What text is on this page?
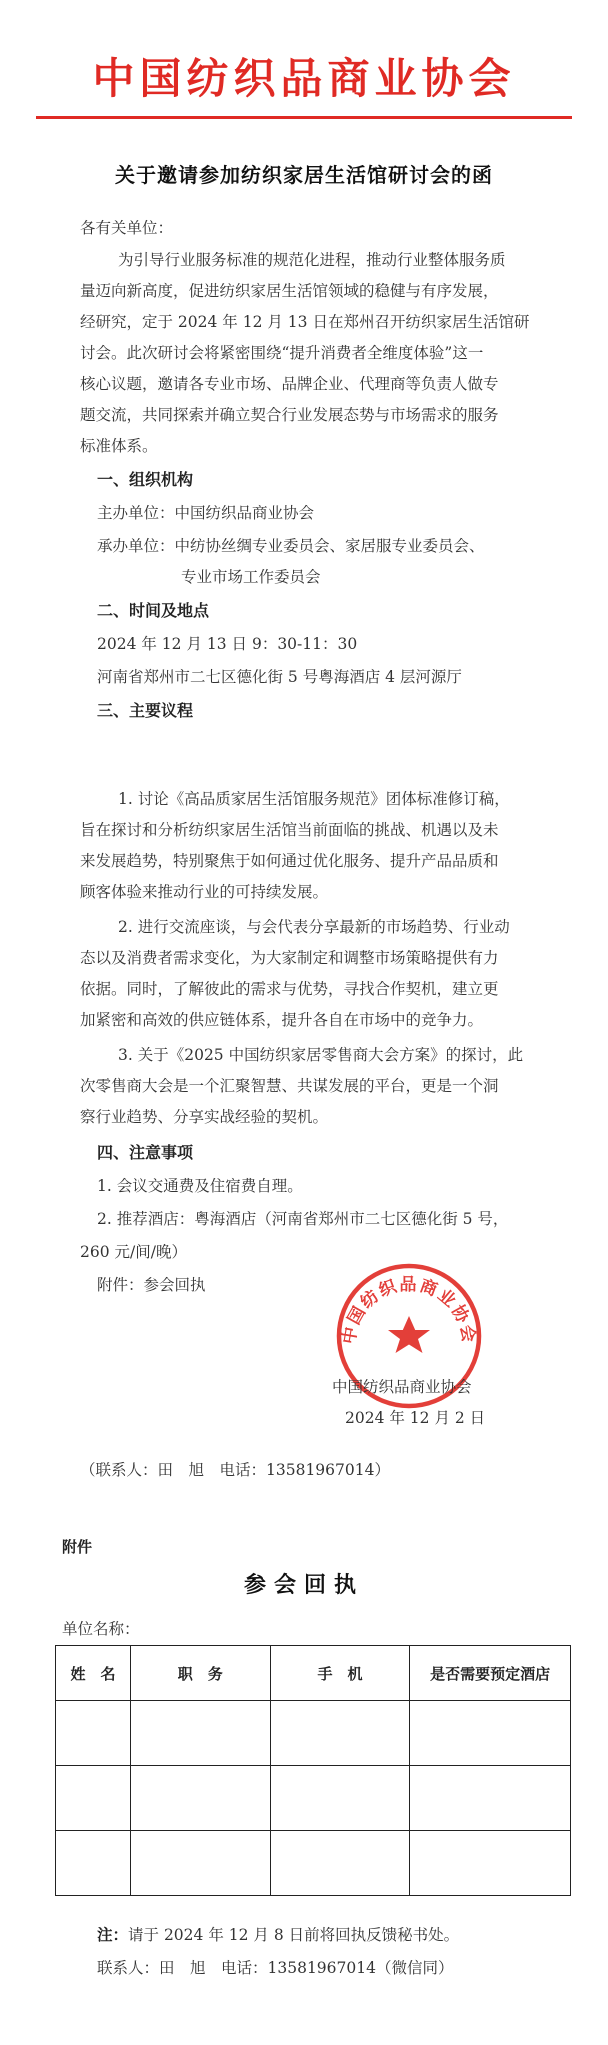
中国纺织品商业协会
关于邀请参加纺织家居生活馆研讨会的函
各有关单位：
为引导行业服务标准的规范化进程，推动行业整体服务质
量迈向新高度，促进纺织家居生活馆领域的稳健与有序发展，
经研究，定于 2024 年 12 月 13 日在郑州召开纺织家居生活馆研
讨会。此次研讨会将紧密围绕“提升消费者全维度体验”这一
核心议题，邀请各专业市场、品牌企业、代理商等负责人做专
题交流，共同探索并确立契合行业发展态势与市场需求的服务
标准体系。
一、组织机构
主办单位：中国纺织品商业协会
承办单位：中纺协丝绸专业委员会、家居服专业委员会、
专业市场工作委员会
二、时间及地点
2024 年 12 月 13 日 9：30-11：30
河南省郑州市二七区德化街 5 号粤海酒店 4 层河源厅
三、主要议程
1. 讨论《高品质家居生活馆服务规范》团体标准修订稿，
旨在探讨和分析纺织家居生活馆当前面临的挑战、机遇以及未
来发展趋势，特别聚焦于如何通过优化服务、提升产品品质和
顾客体验来推动行业的可持续发展。
2. 进行交流座谈，与会代表分享最新的市场趋势、行业动
态以及消费者需求变化，为大家制定和调整市场策略提供有力
依据。同时，了解彼此的需求与优势，寻找合作契机，建立更
加紧密和高效的供应链体系，提升各自在市场中的竞争力。
3. 关于《2025 中国纺织家居零售商大会方案》的探讨，此
次零售商大会是一个汇聚智慧、共谋发展的平台，更是一个洞
察行业趋势、分享实战经验的契机。
四、注意事项
1. 会议交通费及住宿费自理。
2. 推荐酒店：粤海酒店（河南省郑州市二七区德化街 5 号，
260 元/间/晚）
附件：参会回执
中国纺织品商业协会
中国纺织品商业协会
2024 年 12 月 2 日
（联系人：田　旭　电话：13581967014）
附件
参会回执
单位名称：
姓　名	职　务	手　机	是否需要预定酒店

注：请于 2024 年 12 月 8 日前将回执反馈秘书处。
联系人：田　旭　电话：13581967014（微信同）
